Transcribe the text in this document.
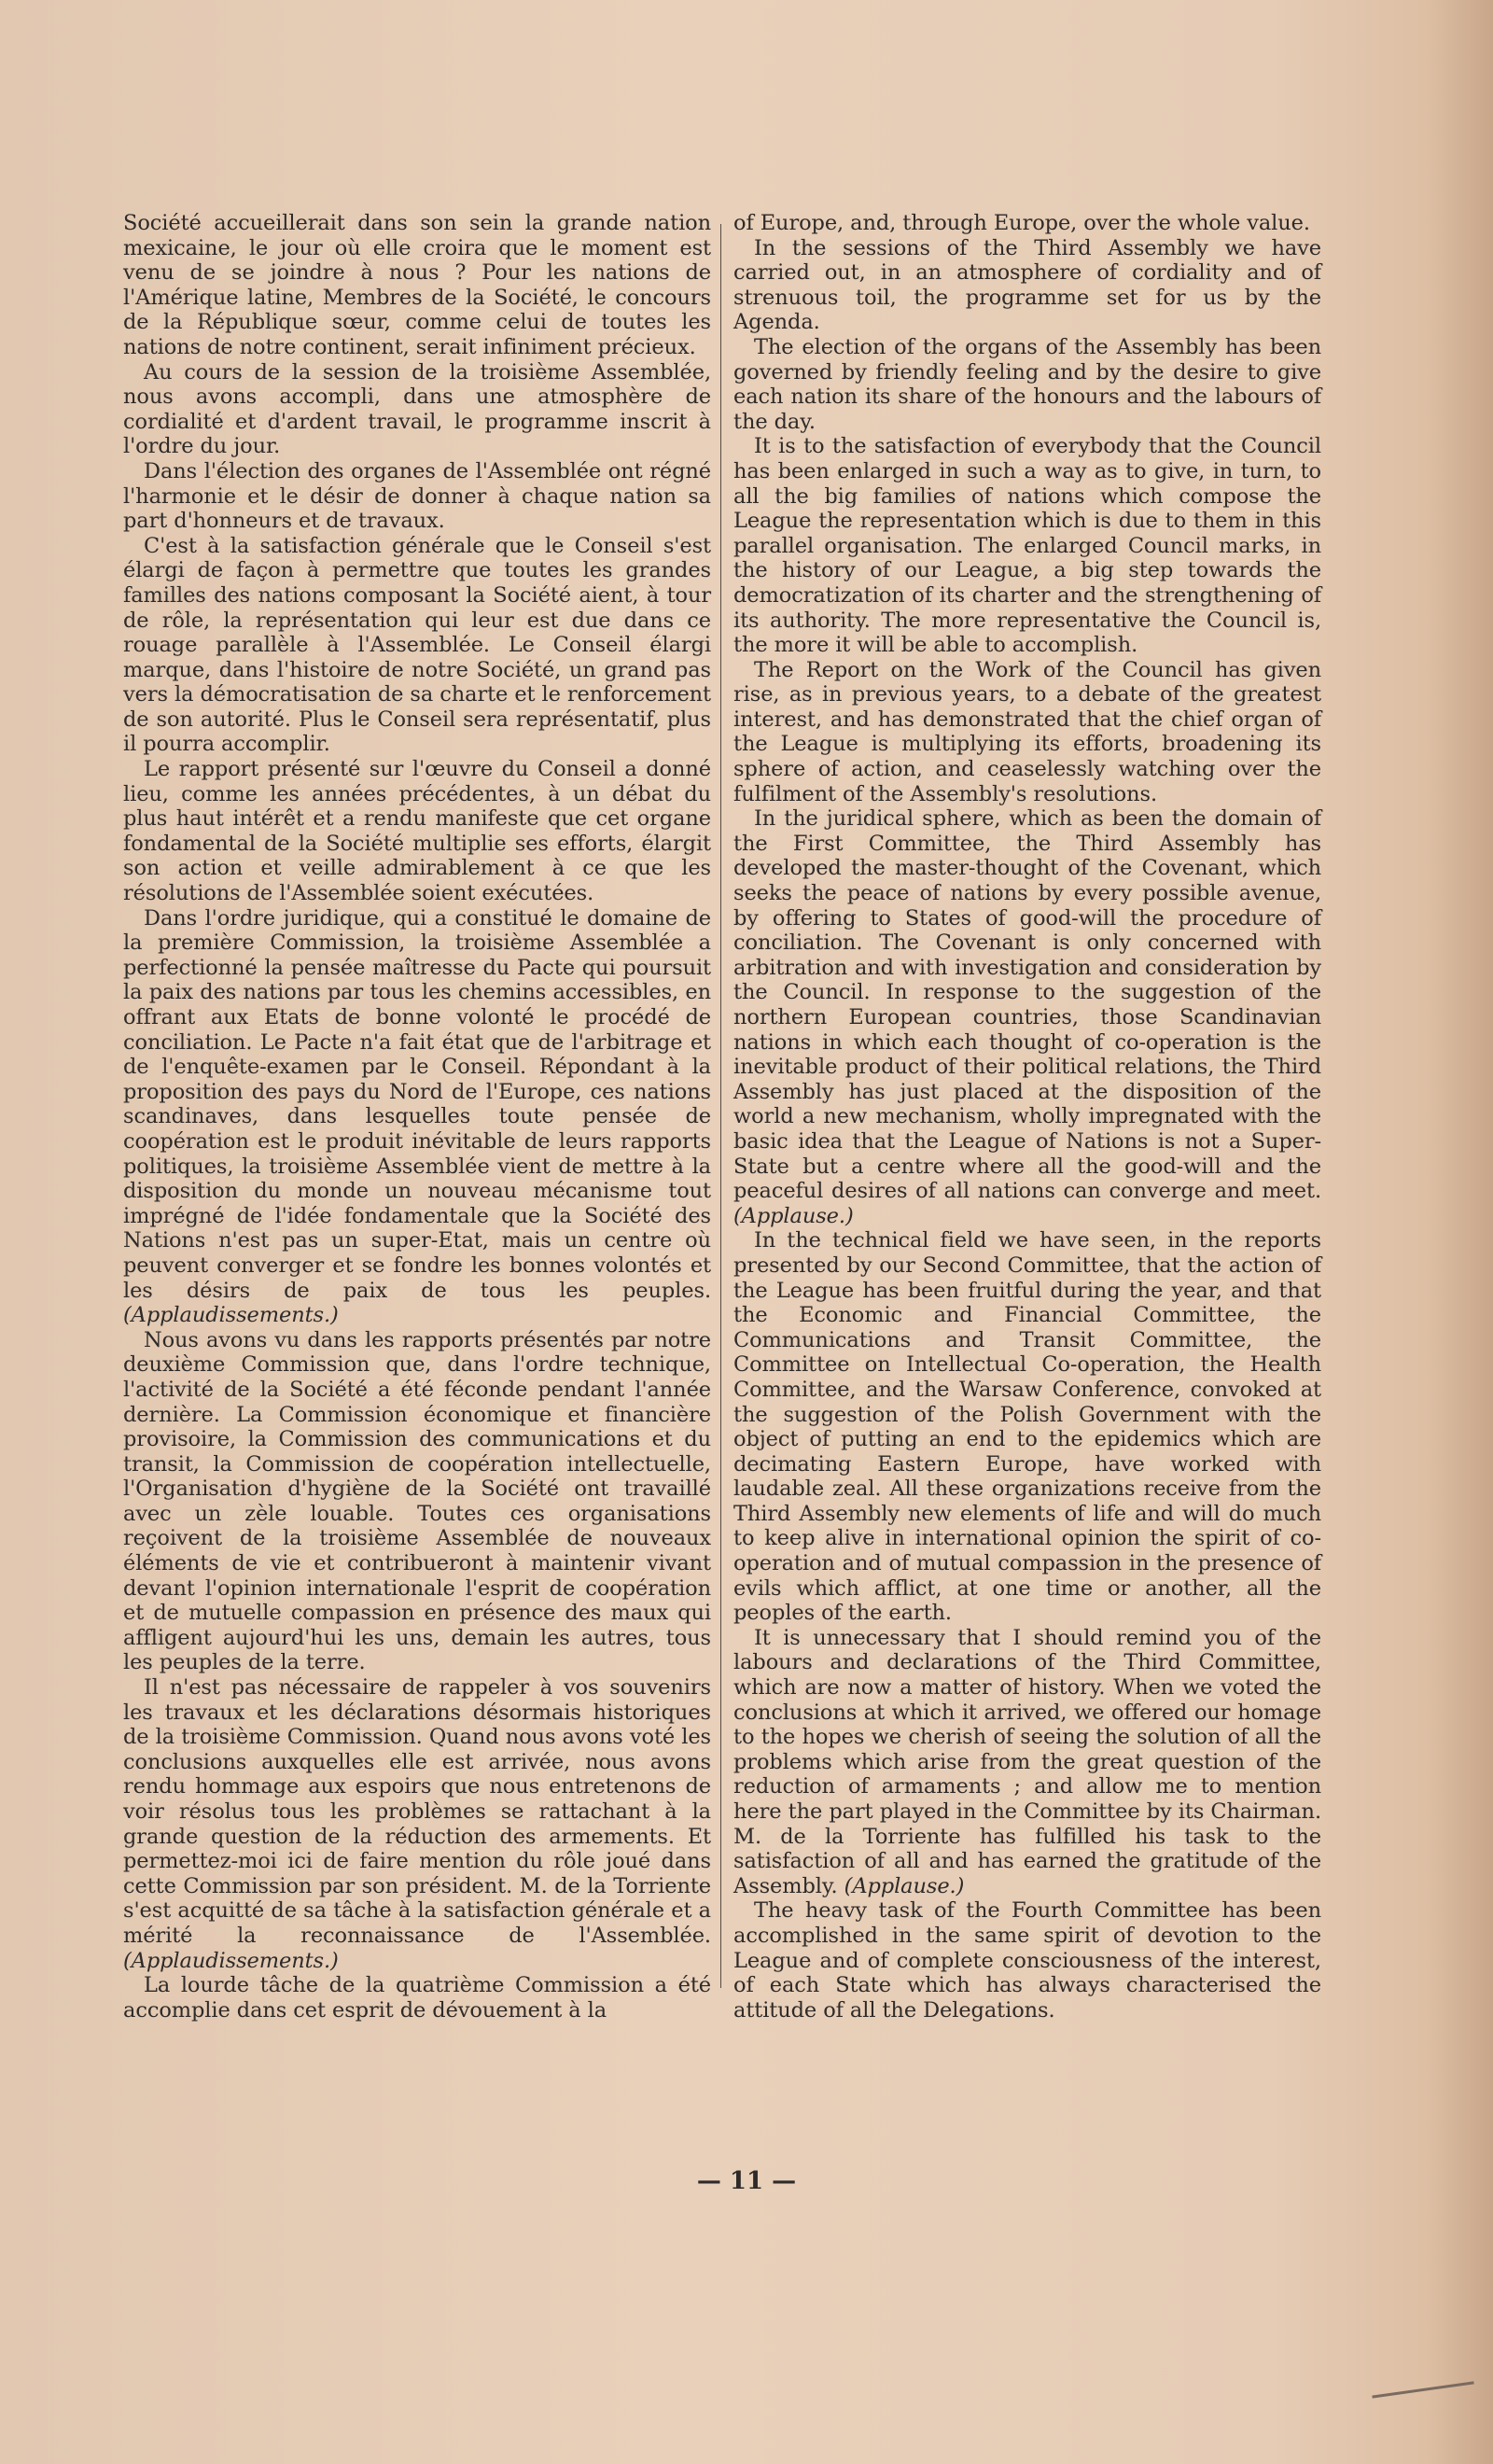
Société accueillerait dans son sein la grande nation mexicaine, le jour où elle croira que le moment est venu de se joindre à nous ? Pour les nations de l'Amérique latine, Membres de la Société, le concours de la République sœur, comme celui de toutes les nations de notre continent, serait infiniment précieux.

Au cours de la session de la troisième Assemblée, nous avons accompli, dans une atmosphère de cordialité et d'ardent travail, le programme inscrit à l'ordre du jour.

Dans l'élection des organes de l'Assemblée ont régné l'harmonie et le désir de donner à chaque nation sa part d'honneurs et de travaux.

C'est à la satisfaction générale que le Conseil s'est élargi de façon à permettre que toutes les grandes familles des nations composant la Société aient, à tour de rôle, la représentation qui leur est due dans ce rouage parallèle à l'Assemblée. Le Conseil élargi marque, dans l'histoire de notre Société, un grand pas vers la démocratisation de sa charte et le renforcement de son autorité. Plus le Conseil sera représentatif, plus il pourra accomplir.

Le rapport présenté sur l'œuvre du Conseil a donné lieu, comme les années précédentes, à un débat du plus haut intérêt et a rendu manifeste que cet organe fondamental de la Société multiplie ses efforts, élargit son action et veille admirablement à ce que les résolutions de l'Assemblée soient exécutées.

Dans l'ordre juridique, qui a constitué le domaine de la première Commission, la troisième Assemblée a perfectionné la pensée maîtresse du Pacte qui poursuit la paix des nations par tous les chemins accessibles, en offrant aux Etats de bonne volonté le procédé de conciliation. Le Pacte n'a fait état que de l'arbitrage et de l'enquête-examen par le Conseil. Répondant à la proposition des pays du Nord de l'Europe, ces nations scandinaves, dans lesquelles toute pensée de coopération est le produit inévitable de leurs rapports politiques, la troisième Assemblée vient de mettre à la disposition du monde un nouveau mécanisme tout imprégné de l'idée fondamentale que la Société des Nations n'est pas un super-Etat, mais un centre où peuvent converger et se fondre les bonnes volontés et les désirs de paix de tous les peuples. (Applaudissements.)

Nous avons vu dans les rapports présentés par notre deuxième Commission que, dans l'ordre technique, l'activité de la Société a été féconde pendant l'année dernière. La Commission économique et financière provisoire, la Commission des communications et du transit, la Commission de coopération intellectuelle, l'Organisation d'hygiène de la Société ont travaillé avec un zèle louable. Toutes ces organisations reçoivent de la troisième Assemblée de nouveaux éléments de vie et contribueront à maintenir vivant devant l'opinion internationale l'esprit de coopération et de mutuelle compassion en présence des maux qui affligent aujourd'hui les uns, demain les autres, tous les peuples de la terre.

Il n'est pas nécessaire de rappeler à vos souvenirs les travaux et les déclarations désormais historiques de la troisième Commission. Quand nous avons voté les conclusions auxquelles elle est arrivée, nous avons rendu hommage aux espoirs que nous entretenons de voir résolus tous les problèmes se rattachant à la grande question de la réduction des armements. Et permettez-moi ici de faire mention du rôle joué dans cette Commission par son président. M. de la Torriente s'est acquitté de sa tâche à la satisfaction générale et a mérité la reconnaissance de l'Assemblée. (Applaudissements.)

La lourde tâche de la quatrième Commission a été accomplie dans cet esprit de dévouement à la

of Europe, and, through Europe, over the whole value.

In the sessions of the Third Assembly we have carried out, in an atmosphere of cordiality and of strenuous toil, the programme set for us by the Agenda.

The election of the organs of the Assembly has been governed by friendly feeling and by the desire to give each nation its share of the honours and the labours of the day.

It is to the satisfaction of everybody that the Council has been enlarged in such a way as to give, in turn, to all the big families of nations which compose the League the representation which is due to them in this parallel organisation. The enlarged Council marks, in the history of our League, a big step towards the democratization of its charter and the strengthening of its authority. The more representative the Council is, the more it will be able to accomplish.

The Report on the Work of the Council has given rise, as in previous years, to a debate of the greatest interest, and has demonstrated that the chief organ of the League is multiplying its efforts, broadening its sphere of action, and ceaselessly watching over the fulfilment of the Assembly's resolutions.

In the juridical sphere, which as been the domain of the First Committee, the Third Assembly has developed the master-thought of the Covenant, which seeks the peace of nations by every possible avenue, by offering to States of good-will the procedure of conciliation. The Covenant is only concerned with arbitration and with investigation and consideration by the Council. In response to the suggestion of the northern European countries, those Scandinavian nations in which each thought of co-operation is the inevitable product of their political relations, the Third Assembly has just placed at the disposition of the world a new mechanism, wholly impregnated with the basic idea that the League of Nations is not a Super-State but a centre where all the good-will and the peaceful desires of all nations can converge and meet. (Applause.)

In the technical field we have seen, in the reports presented by our Second Committee, that the action of the League has been fruitful during the year, and that the Economic and Financial Committee, the Communications and Transit Committee, the Committee on Intellectual Co-operation, the Health Committee, and the Warsaw Conference, convoked at the suggestion of the Polish Government with the object of putting an end to the epidemics which are decimating Eastern Europe, have worked with laudable zeal. All these organizations receive from the Third Assembly new elements of life and will do much to keep alive in international opinion the spirit of co-operation and of mutual compassion in the presence of evils which afflict, at one time or another, all the peoples of the earth.

It is unnecessary that I should remind you of the labours and declarations of the Third Committee, which are now a matter of history. When we voted the conclusions at which it arrived, we offered our homage to the hopes we cherish of seeing the solution of all the problems which arise from the great question of the reduction of armaments ; and allow me to mention here the part played in the Committee by its Chairman. M. de la Torriente has fulfilled his task to the satisfaction of all and has earned the gratitude of the Assembly. (Applause.)

The heavy task of the Fourth Committee has been accomplished in the same spirit of devotion to the League and of complete consciousness of the interest, of each State which has always characterised the attitude of all the Delegations.

— 11 —
